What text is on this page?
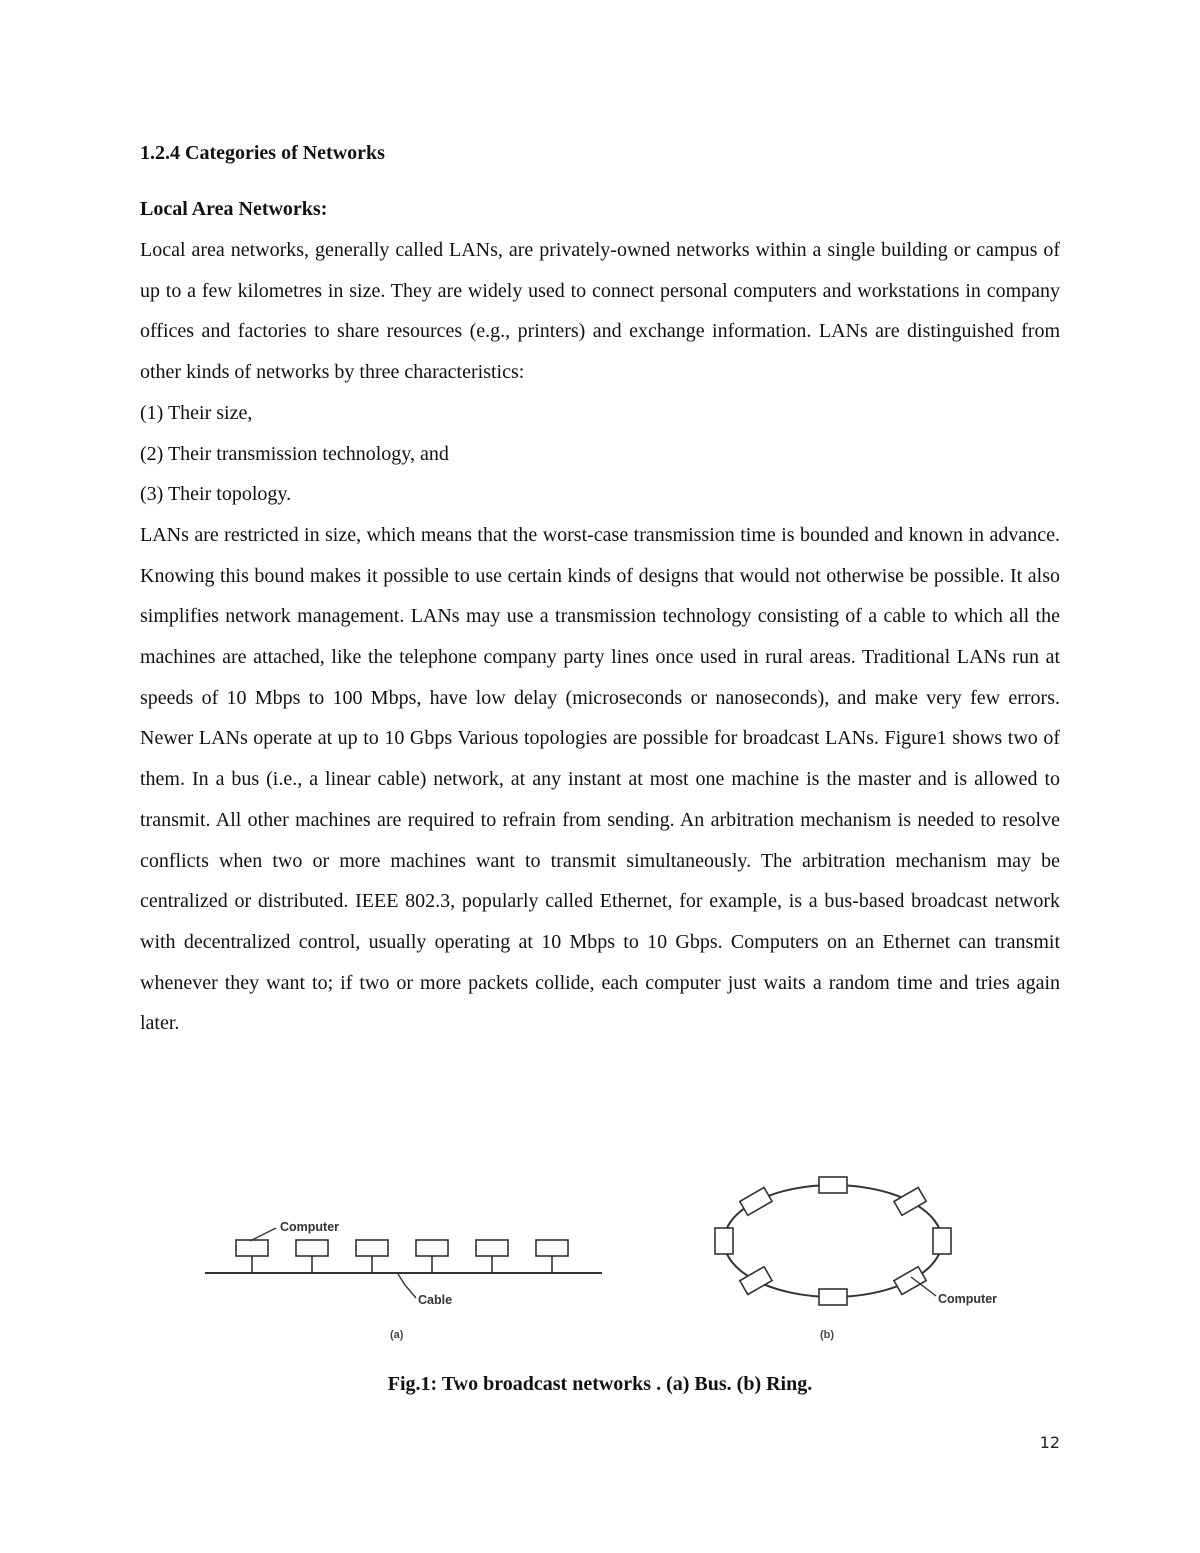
1.2.4 Categories of Networks
Local Area Networks:

Local area networks, generally called LANs, are privately-owned networks within a single building or campus of up to a few kilometres in size. They are widely used to connect personal computers and workstations in company offices and factories to share resources (e.g., printers) and exchange information. LANs are distinguished from other kinds of networks by three characteristics:

(1) Their size,

(2) Their transmission technology, and

(3) Their topology.

LANs are restricted in size, which means that the worst-case transmission time is bounded and known in advance. Knowing this bound makes it possible to use certain kinds of designs that would not otherwise be possible. It also simplifies network management. LANs may use a transmission technology consisting of a cable to which all the machines are attached, like the telephone company party lines once used in rural areas. Traditional LANs run at speeds of 10 Mbps to 100 Mbps, have low delay (microseconds or nanoseconds), and make very few errors. Newer LANs operate at up to 10 Gbps Various topologies are possible for broadcast LANs. Figure1 shows two of them. In a bus (i.e., a linear cable) network, at any instant at most one machine is the master and is allowed to transmit. All other machines are required to refrain from sending. An arbitration mechanism is needed to resolve conflicts when two or more machines want to transmit simultaneously. The arbitration mechanism may be centralized or distributed. IEEE 802.3, popularly called Ethernet, for example, is a bus-based broadcast network with decentralized control, usually operating at 10 Mbps to 10 Gbps. Computers on an Ethernet can transmit whenever they want to; if two or more packets collide, each computer just waits a random time and tries again later.

Computer
Cable
(a)
Computer
(b)
Fig.1: Two broadcast networks . (a) Bus. (b) Ring.
12
